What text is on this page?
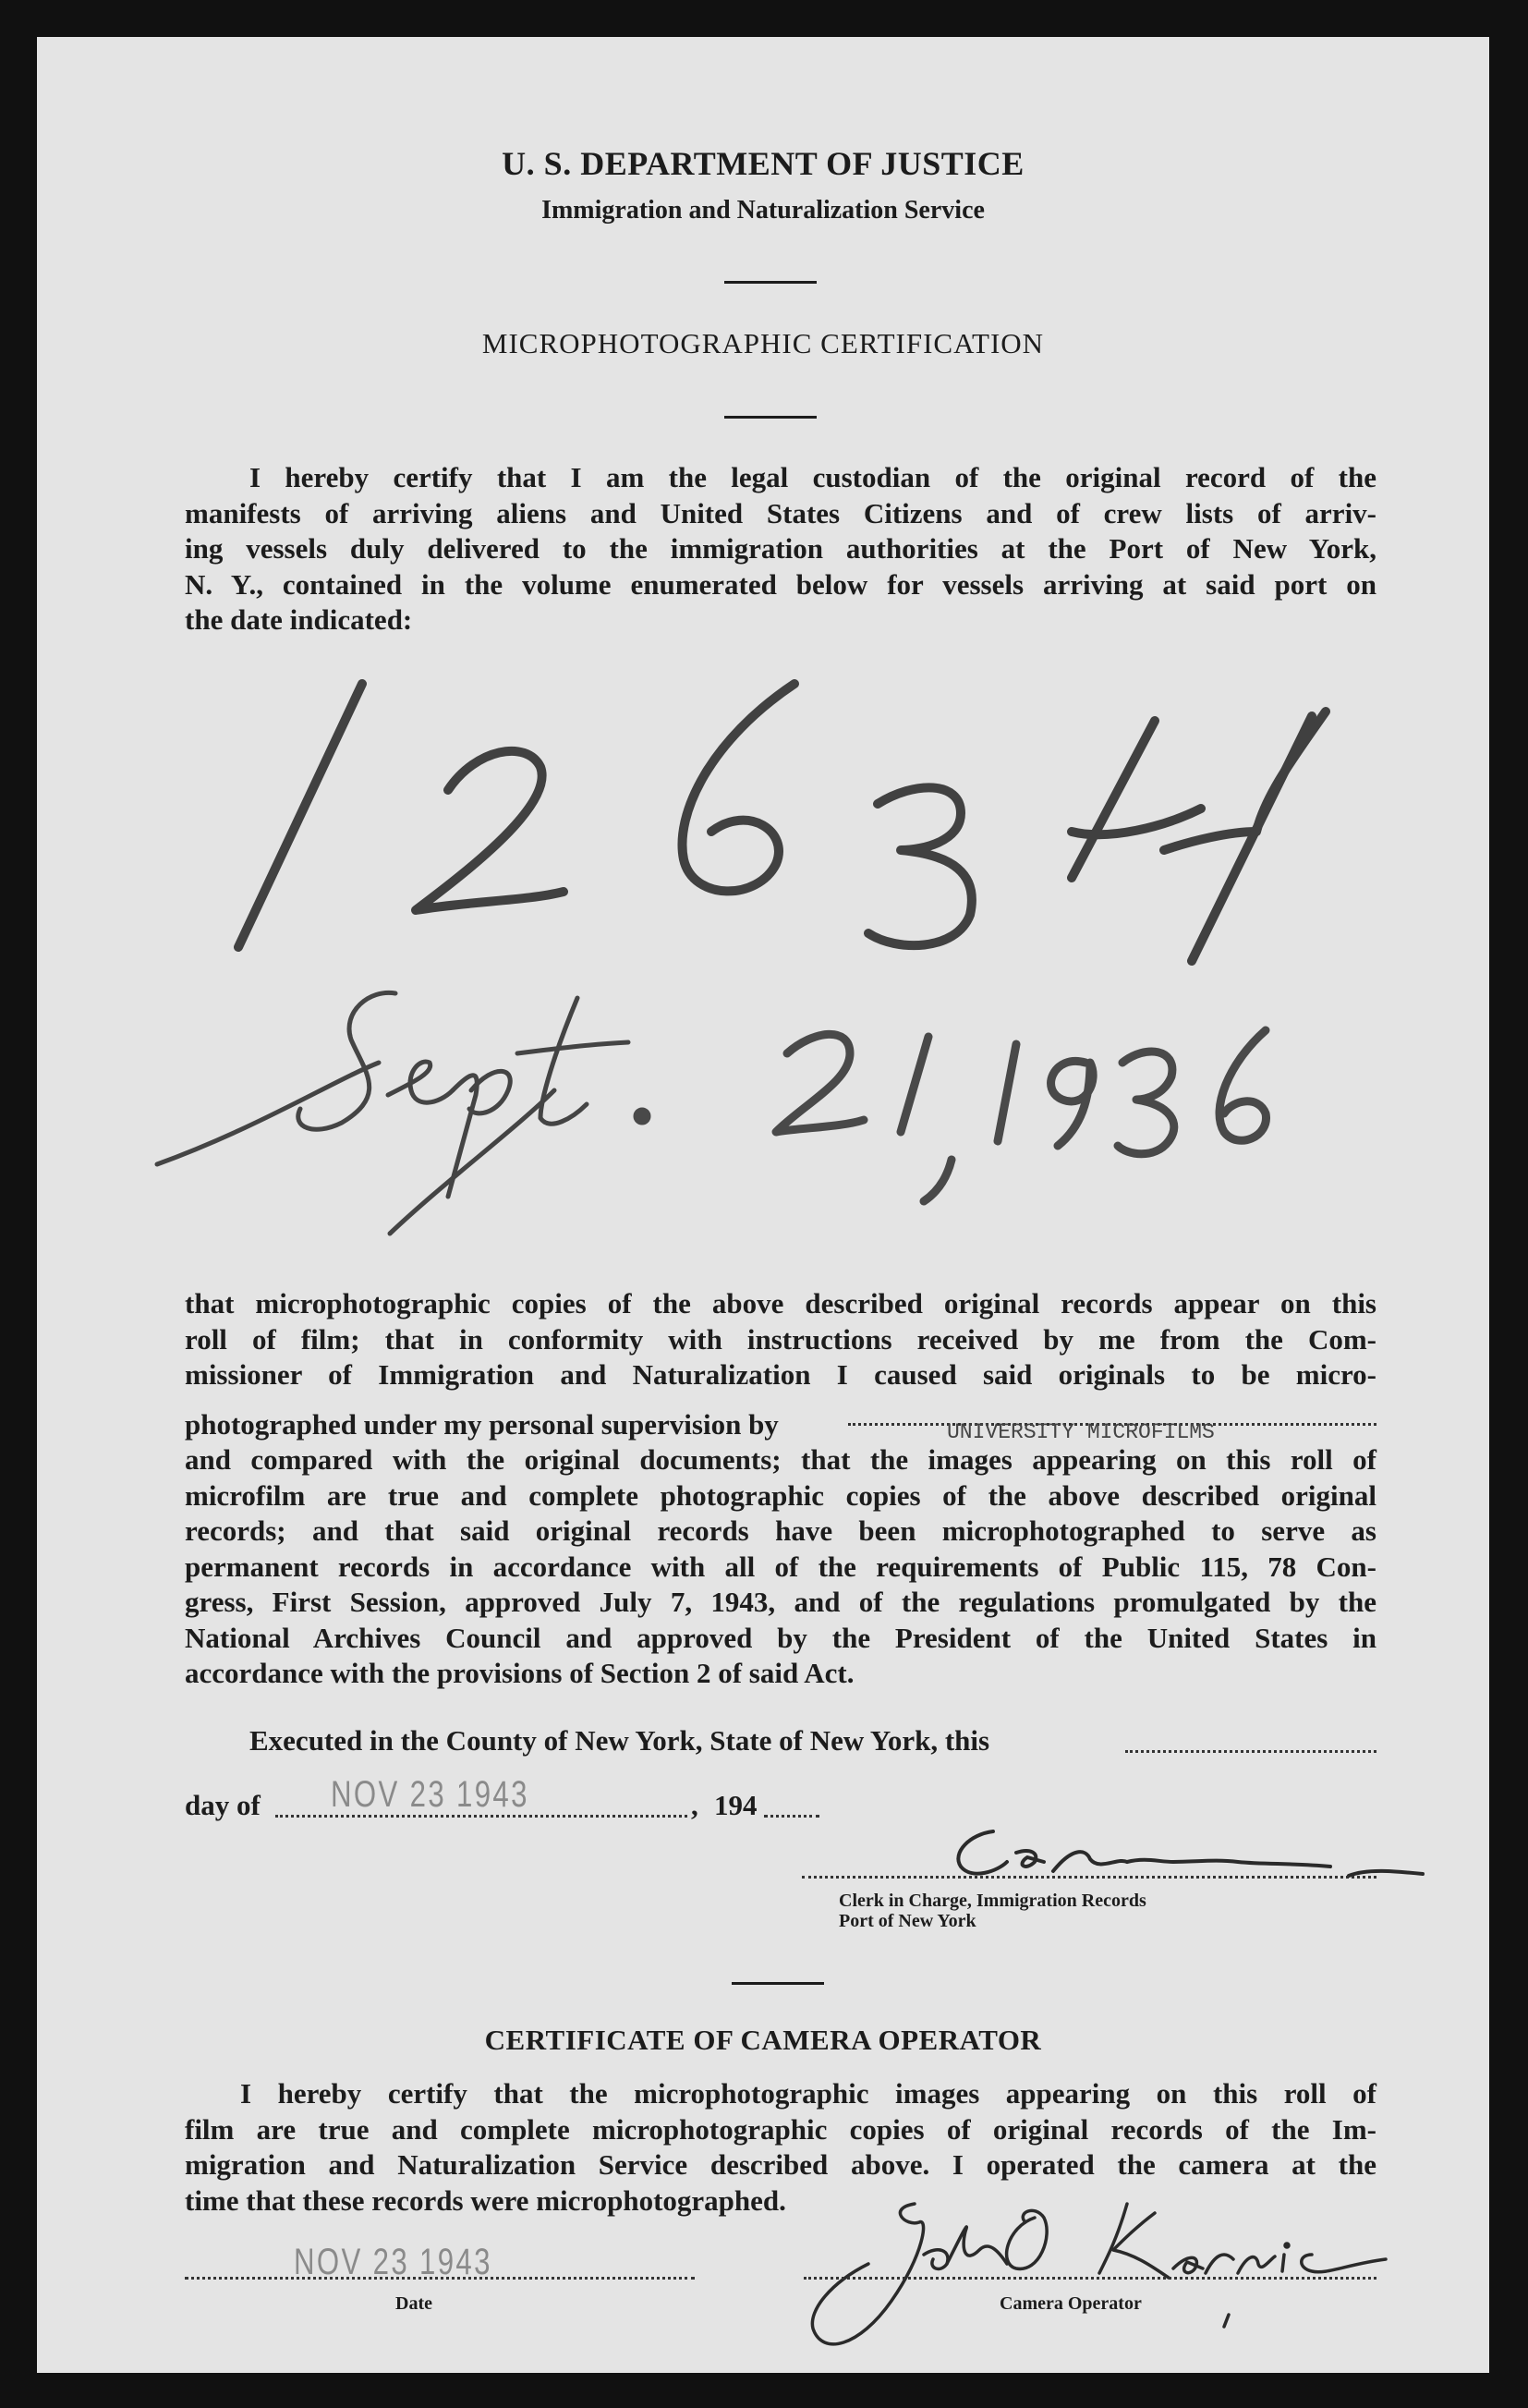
U. S. DEPARTMENT OF JUSTICE
Immigration and Naturalization Service
MICROPHOTOGRAPHIC CERTIFICATION
I hereby certify that I am the legal custodian of the original record of the
manifests of arriving aliens and United States Citizens and of crew lists of arriv-
ing vessels duly delivered to the immigration authorities at the Port of New York,
N. Y., contained in the volume enumerated below for vessels arriving at said port on
the date indicated:
that microphotographic copies of the above described original records appear on this
roll of film; that in conformity with instructions received by me from the Com-
missioner of Immigration and Naturalization I caused said originals to be micro-
photographed under my personal supervision by	UNIVERSITY MICROFILMS
and compared with the original documents; that the images appearing on this roll of
microfilm are true and complete photographic copies of the above described original
records; and that said original records have been microphotographed to serve as
permanent records in accordance with all of the requirements of Public 115, 78 Con-
gress, First Session, approved July 7, 1943, and of the regulations promulgated by the
National Archives Council and approved by the President of the United States in
accordance with the provisions of Section 2 of said Act.
Executed in the County of New York, State of New York, this
day of NOV 23 1943	, 194
Clerk in Charge, Immigration Records
Port of New York
CERTIFICATE OF CAMERA OPERATOR
I hereby certify that the microphotographic images appearing on this roll of
film are true and complete microphotographic copies of original records of the Im-
migration and Naturalization Service described above. I operated the camera at the
time that these records were microphotographed.
NOV 23 1943
Date	Camera Operator
